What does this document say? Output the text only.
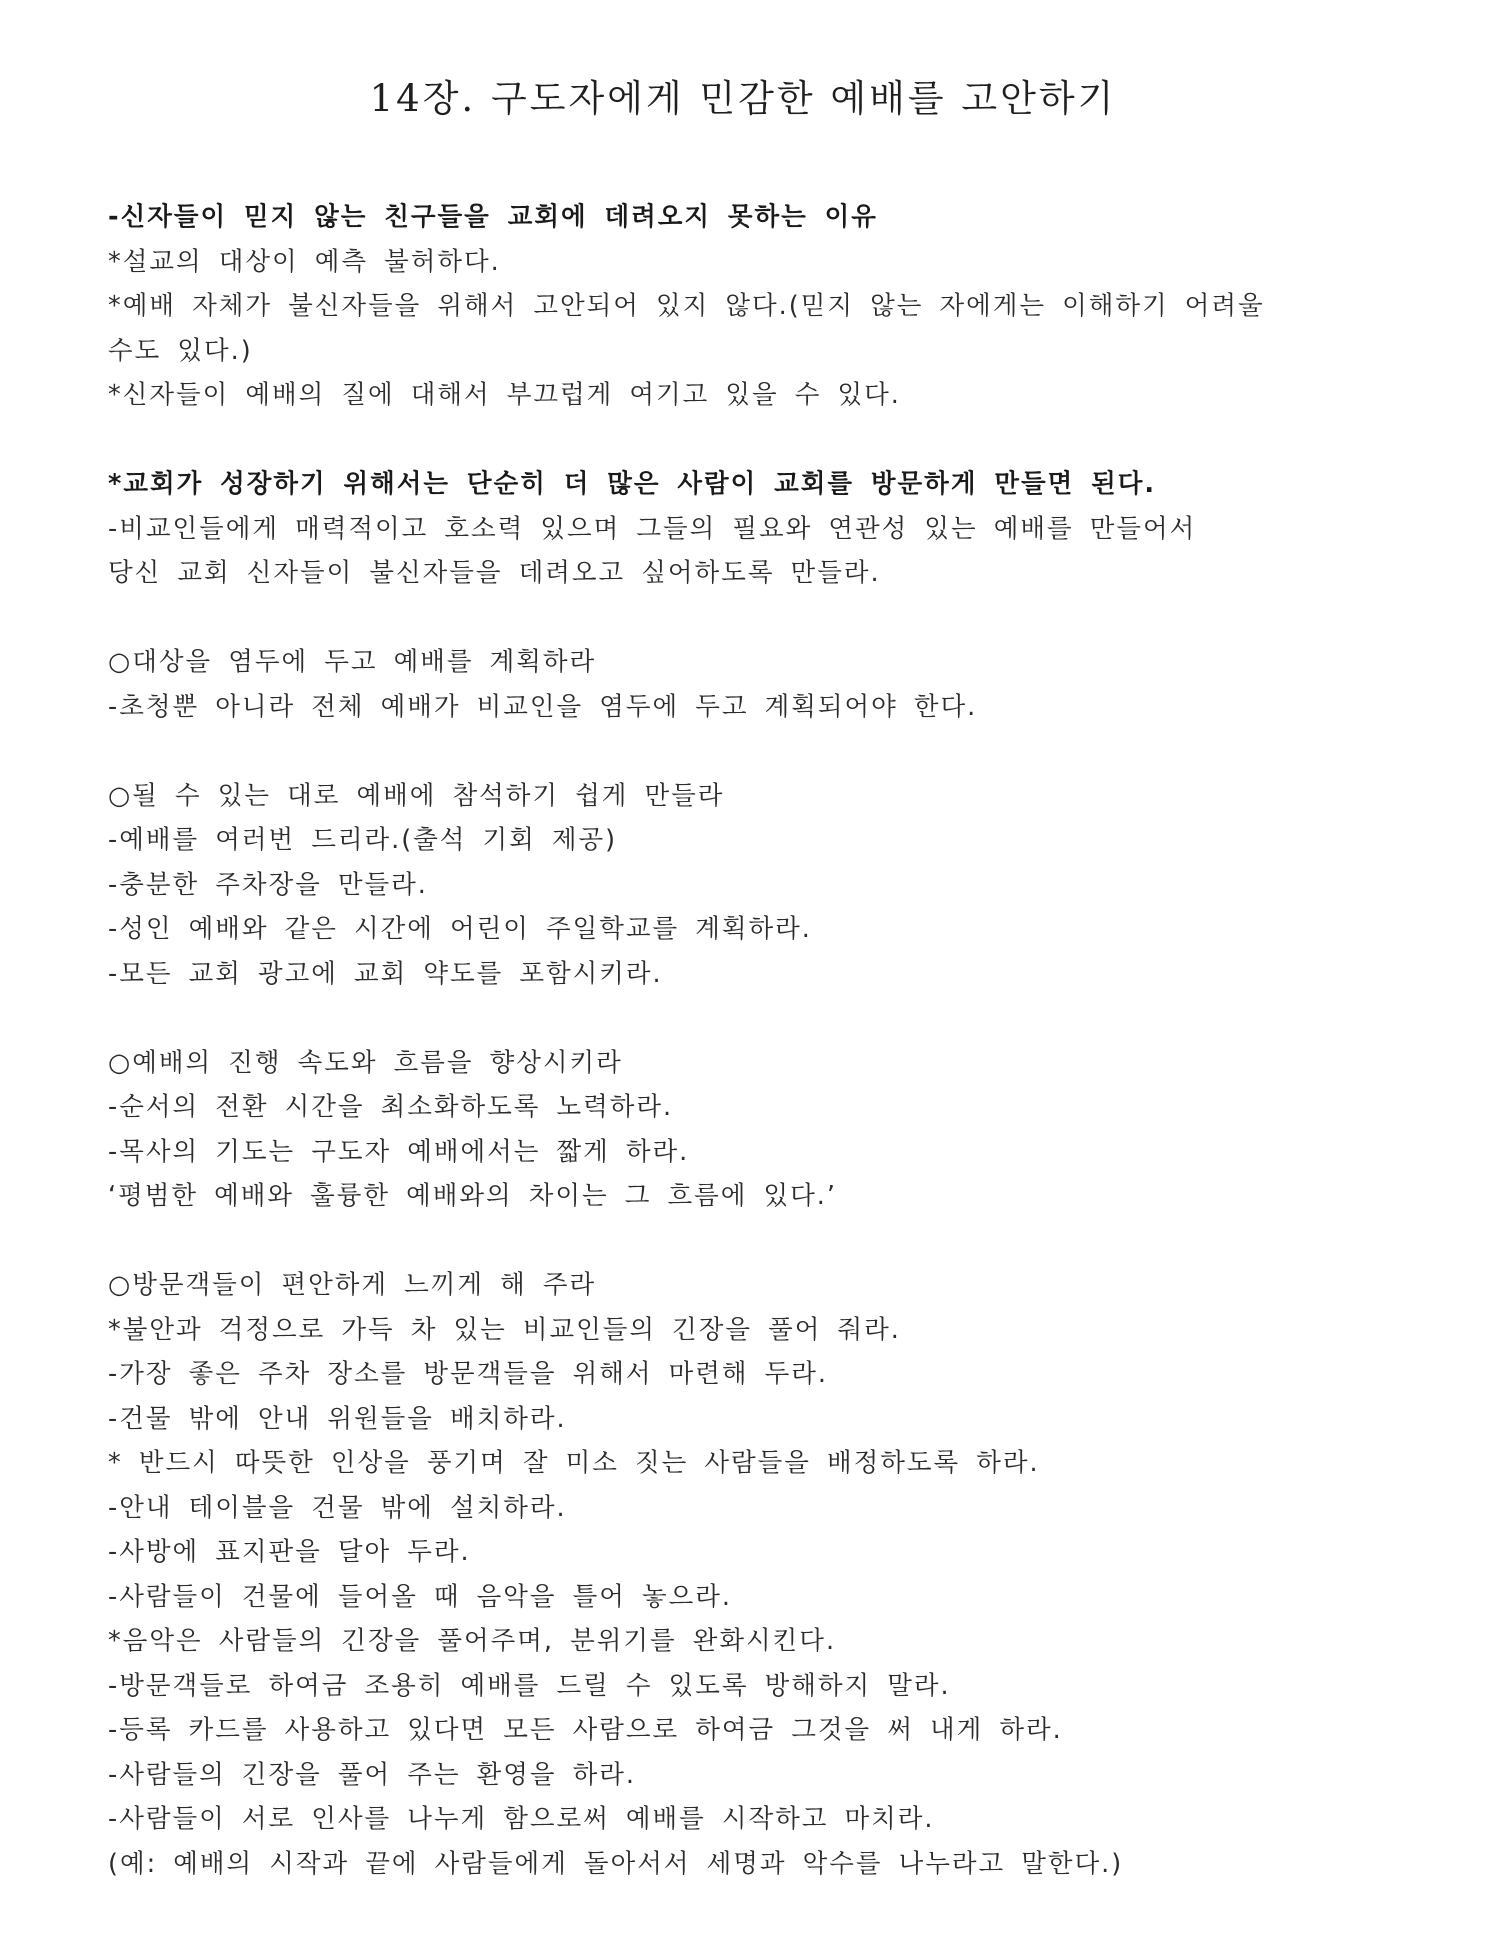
14장. 구도자에게 민감한 예배를 고안하기
-신자들이 믿지 않는 친구들을 교회에 데려오지 못하는 이유
*설교의 대상이 예측 불허하다.
*예배 자체가 불신자들을 위해서 고안되어 있지 않다.(믿지 않는 자에게는 이해하기 어려울
수도 있다.)
*신자들이 예배의 질에 대해서 부끄럽게 여기고 있을 수 있다.
*교회가 성장하기 위해서는 단순히 더 많은 사람이 교회를 방문하게 만들면 된다.
-비교인들에게 매력적이고 호소력 있으며 그들의 필요와 연관성 있는 예배를 만들어서
당신 교회 신자들이 불신자들을 데려오고 싶어하도록 만들라.
○대상을 염두에 두고 예배를 계획하라
-초청뿐 아니라 전체 예배가 비교인을 염두에 두고 계획되어야 한다.
○될 수 있는 대로 예배에 참석하기 쉽게 만들라
-예배를 여러번 드리라.(출석 기회 제공)
-충분한 주차장을 만들라.
-성인 예배와 같은 시간에 어린이 주일학교를 계획하라.
-모든 교회 광고에 교회 약도를 포함시키라.
○예배의 진행 속도와 흐름을 향상시키라
-순서의 전환 시간을 최소화하도록 노력하라.
-목사의 기도는 구도자 예배에서는 짧게 하라.
‘평범한 예배와 훌륭한 예배와의 차이는 그 흐름에 있다.’
○방문객들이 편안하게 느끼게 해 주라
*불안과 걱정으로 가득 차 있는 비교인들의 긴장을 풀어 줘라.
-가장 좋은 주차 장소를 방문객들을 위해서 마련해 두라.
-건물 밖에 안내 위원들을 배치하라.
* 반드시 따뜻한 인상을 풍기며 잘 미소 짓는 사람들을 배정하도록 하라.
-안내 테이블을 건물 밖에 설치하라.
-사방에 표지판을 달아 두라.
-사람들이 건물에 들어올 때 음악을 틀어 놓으라.
*음악은 사람들의 긴장을 풀어주며, 분위기를 완화시킨다.
-방문객들로 하여금 조용히 예배를 드릴 수 있도록 방해하지 말라.
-등록 카드를 사용하고 있다면 모든 사람으로 하여금 그것을 써 내게 하라.
-사람들의 긴장을 풀어 주는 환영을 하라.
-사람들이 서로 인사를 나누게 함으로써 예배를 시작하고 마치라.
(예: 예배의 시작과 끝에 사람들에게 돌아서서 세명과 악수를 나누라고 말한다.)
